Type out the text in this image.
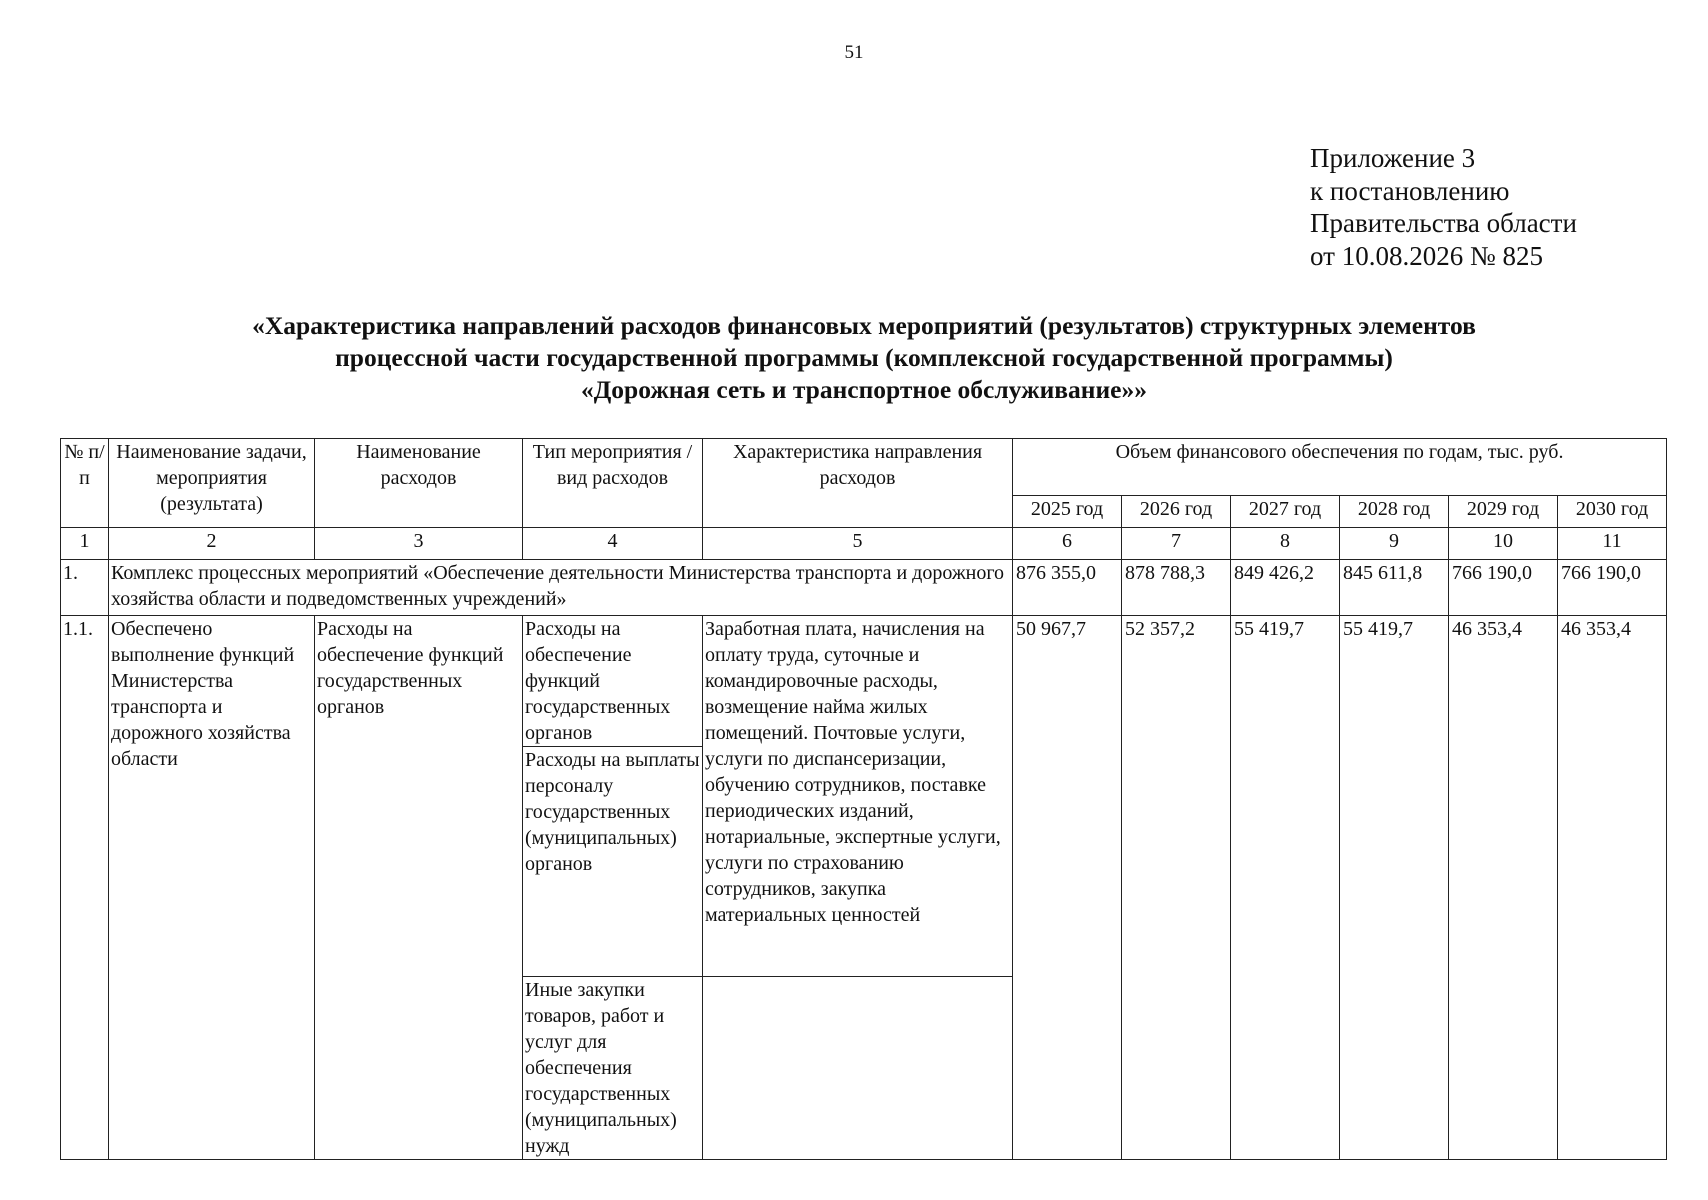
51
Приложение 3
к постановлению
Правительства области
от 10.08.2026 № 825
«Характеристика направлений расходов финансовых мероприятий (результатов) структурных элементов
процессной части государственной программы (комплексной государственной программы)
«Дорожная сеть и транспортное обслуживание»»
№ п/п	Наименование задачи, мероприятия (результата)	Наименование расходов	Тип мероприятия / вид расходов	Характеристика направления расходов	Объем финансового обеспечения по годам, тыс. руб.					
					2025 год	2026 год	2027 год	2028 год	2029 год	2030 год
1	2	3	4	5	6	7	8	9	10	11
1.	Комплекс процессных мероприятий «Обеспечение деятельности Министерства транспорта и дорожного хозяйства области и подведомственных учреждений»				876 355,0	878 788,3	849 426,2	845 611,8	766 190,0	766 190,0
1.1.	Обеспечено выполнение функций Министерства транспорта и дорожного хозяйства области	Расходы на обеспечение функций государственных органов	Расходы на обеспечение функций государственных органов	Заработная плата, начисления на оплату труда, суточные и командировочные расходы, возмещение найма жилых помещений. Почтовые услуги, услуги по диспансеризации, обучению сотрудников, поставке периодических изданий, нотариальные, экспертные услуги, услуги по страхованию сотрудников, закупка материальных ценностей	50 967,7	52 357,2	55 419,7	55 419,7	46 353,4	46 353,4
			Расходы на выплаты персоналу государственных (муниципальных) органов							
			Иные закупки товаров, работ и услуг для обеспечения государственных (муниципальных) нужд							
